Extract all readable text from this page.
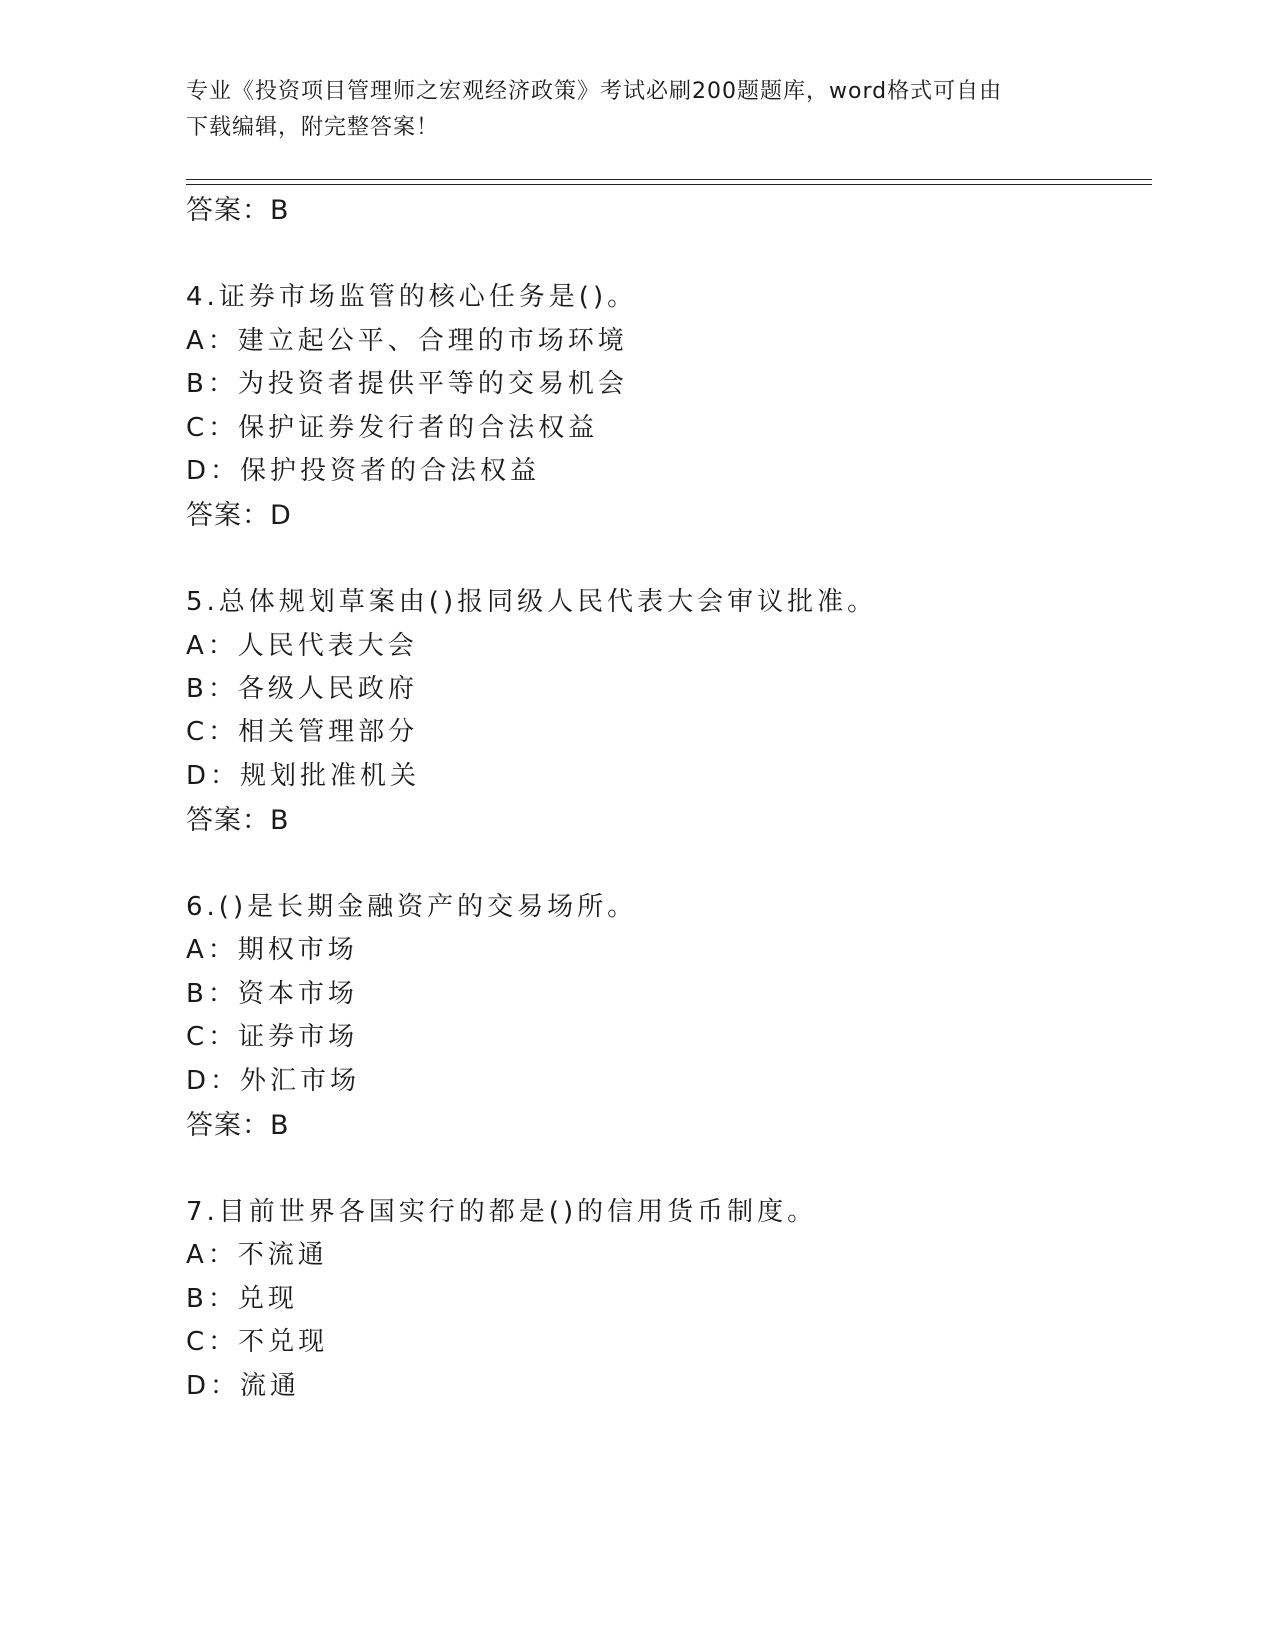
专业《投资项目管理师之宏观经济政策》考试必刷200题题库，word格式可自由
下载编辑，附完整答案！
答案：B
4.证券市场监管的核心任务是()。
A：建立起公平、合理的市场环境
B：为投资者提供平等的交易机会
C：保护证券发行者的合法权益
D：保护投资者的合法权益
答案：D
5.总体规划草案由()报同级人民代表大会审议批准。
A：人民代表大会
B：各级人民政府
C：相关管理部分
D：规划批准机关
答案：B
6.()是长期金融资产的交易场所。
A：期权市场
B：资本市场
C：证券市场
D：外汇市场
答案：B
7.目前世界各国实行的都是()的信用货币制度。
A：不流通
B：兑现
C：不兑现
D：流通
